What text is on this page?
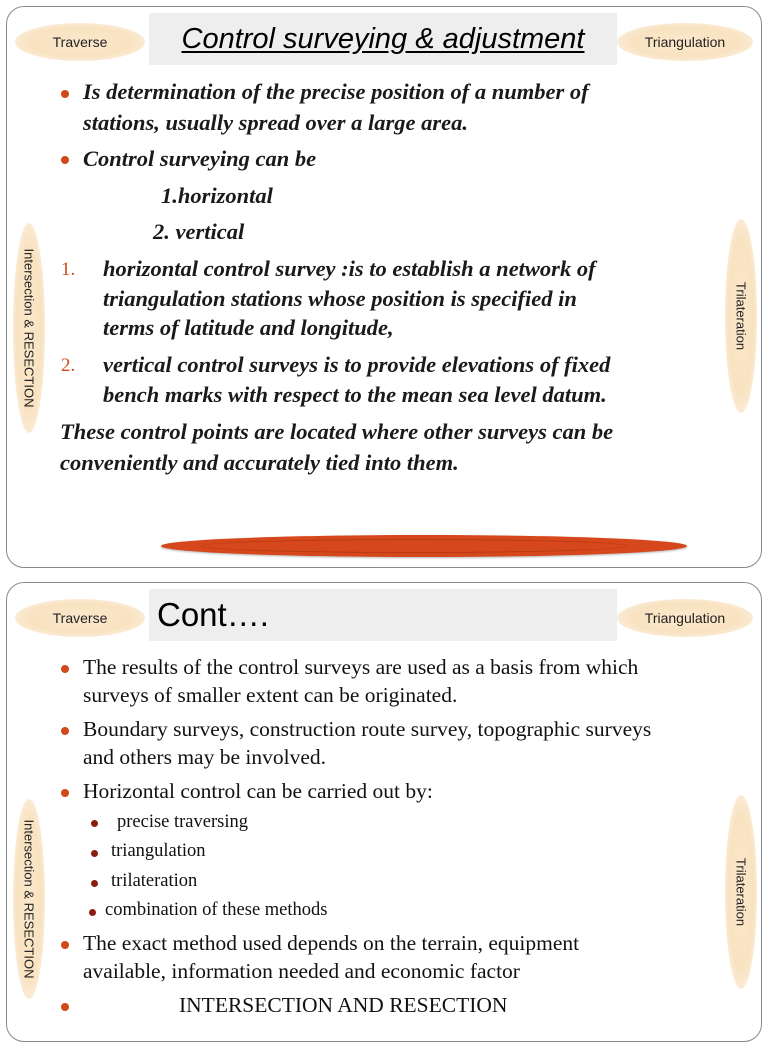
Traverse	Control surveying & adjustment	Triangulation
Intersection & RESECTION	Trilateration
Is determination of the precise position of a number of
stations, usually spread over a large area.
Control surveying can be
1.horizontal
2. vertical
1. horizontal control survey :is to establish a network of
triangulation stations whose position is specified in
terms of latitude and longitude,
2. vertical control surveys is to provide elevations of fixed
bench marks with respect to the mean sea level datum.
These control points are located where other surveys can be
conveniently and accurately tied into them.
Traverse Cont….	Triangulation
Intersection & RESECTION	Trilateration
The results of the control surveys are used as a basis from which
surveys of smaller extent can be originated.
Boundary surveys, construction route survey, topographic surveys
and others may be involved.
Horizontal control can be carried out by:
precise traversing
triangulation
trilateration
combination of these methods
The exact method used depends on the terrain, equipment
available, information needed and economic factor
INTERSECTION AND RESECTION
